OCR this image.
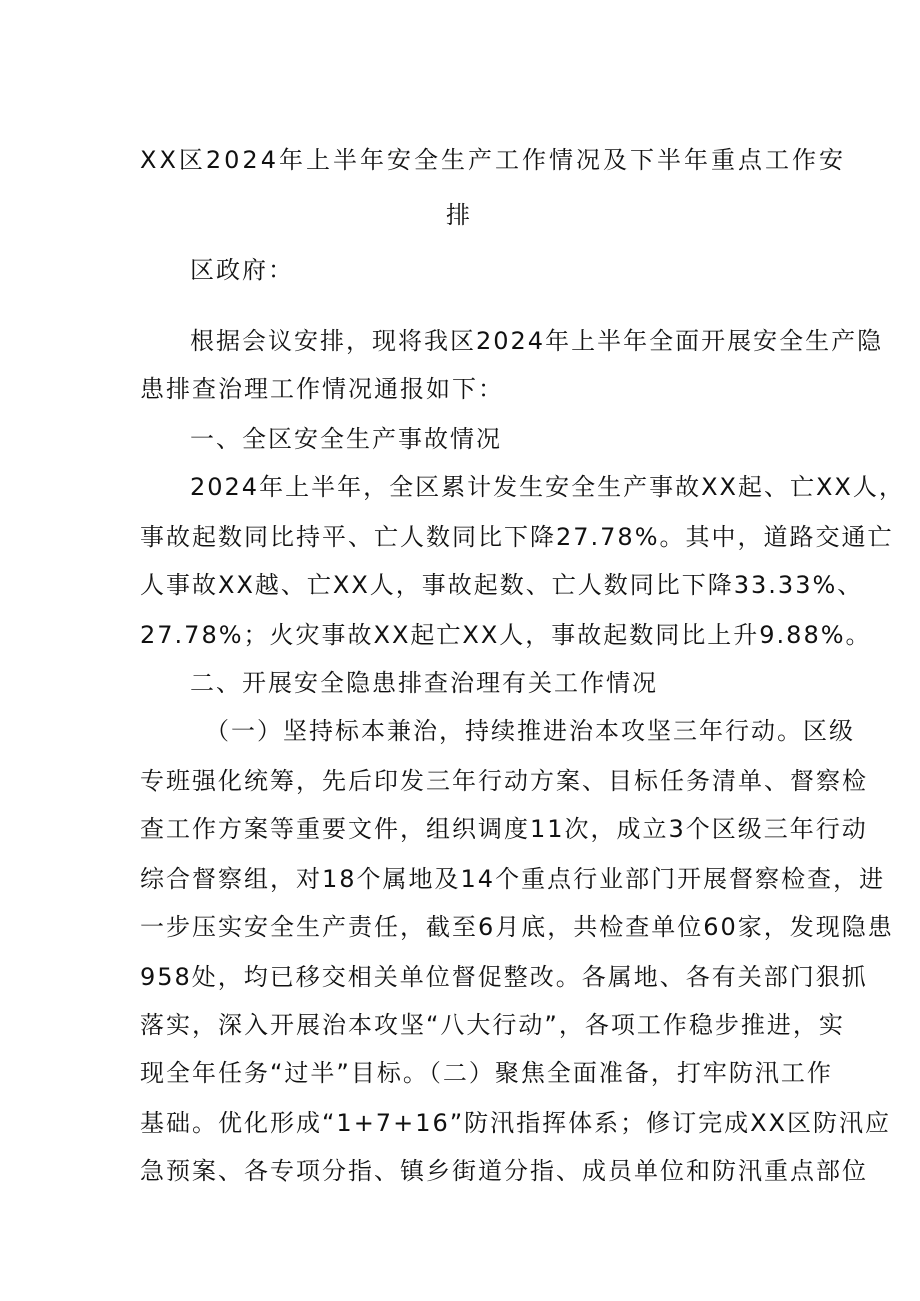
XX区2024年上半年安全生产工作情况及下半年重点工作安
排
区政府：
根据会议安排，现将我区2024年上半年全面开展安全生产隐
患排查治理工作情况通报如下：
一、全区安全生产事故情况
2024年上半年，全区累计发生安全生产事故XX起、亡XX人，
事故起数同比持平、亡人数同比下降27.78%。其中，道路交通亡
人事故XX越、亡XX人，事故起数、亡人数同比下降33.33%、
27.78%；火灾事故XX起亡XX人，事故起数同比上升9.88%。
二、开展安全隐患排查治理有关工作情况
（一）坚持标本兼治，持续推进治本攻坚三年行动。区级
专班强化统筹，先后印发三年行动方案、目标任务清单、督察检
查工作方案等重要文件，组织调度11次，成立3个区级三年行动
综合督察组，对18个属地及14个重点行业部门开展督察检查，进
一步压实安全生产责任，截至6月底，共检查单位60家，发现隐患
958处，均已移交相关单位督促整改。各属地、各有关部门狠抓
落实，深入开展治本攻坚“八大行动”，各项工作稳步推进，实
现全年任务“过半”目标。（二）聚焦全面准备，打牢防汛工作
基础。优化形成“1+7+16”防汛指挥体系；修订完成XX区防汛应
急预案、各专项分指、镇乡街道分指、成员单位和防汛重点部位
